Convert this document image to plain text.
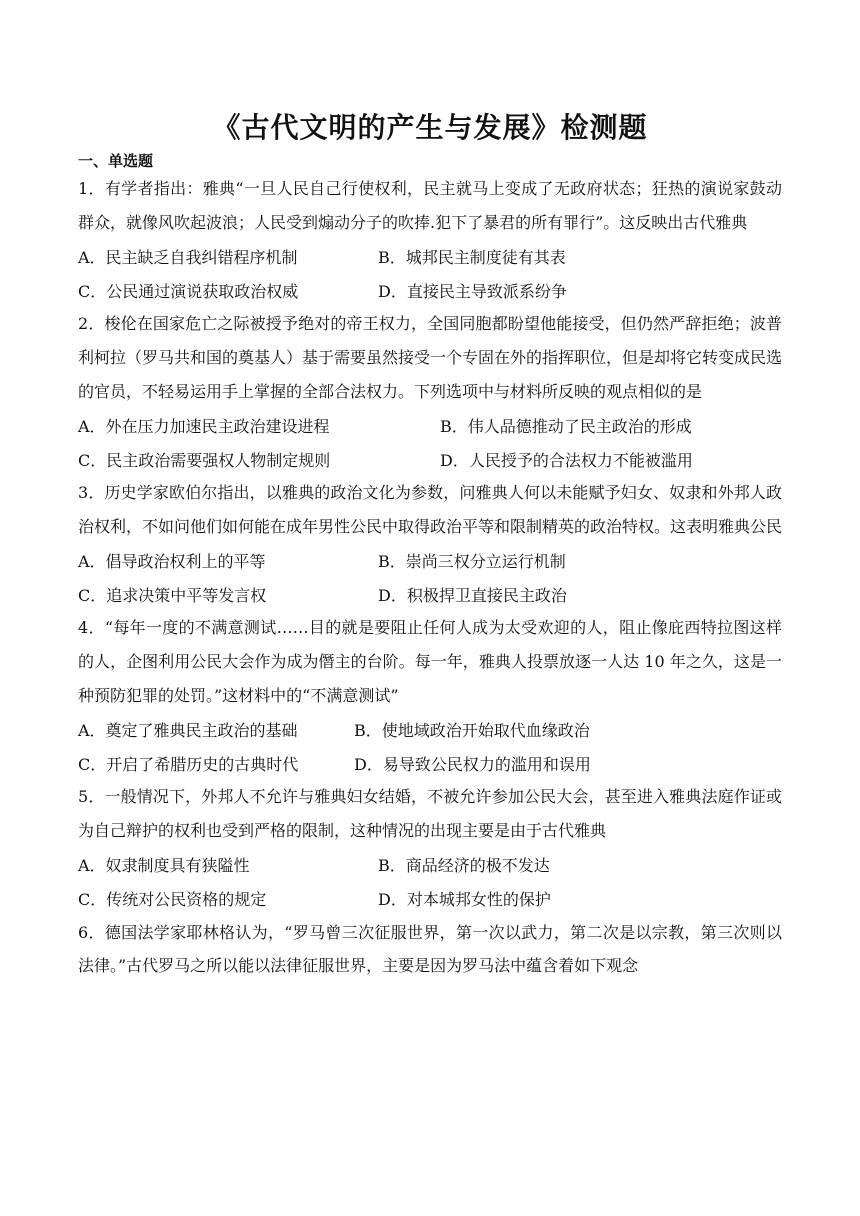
《古代文明的产生与发展》检测题
一、单选题

1．有学者指出：雅典“一旦人民自己行使权利，民主就马上变成了无政府状态；狂热的演说家鼓动群众，就像风吹起波浪；人民受到煽动分子的吹捧.犯下了暴君的所有罪行”。这反映出古代雅典

A．民主缺乏自我纠错程序机制	B．城邦民主制度徒有其表
C．公民通过演说获取政治权威	D．直接民主导致派系纷争

2．梭伦在国家危亡之际被授予绝对的帝王权力，全国同胞都盼望他能接受，但仍然严辞拒绝；波普利柯拉（罗马共和国的奠基人）基于需要虽然接受一个专固在外的指挥职位，但是却将它转变成民选的官员，不轻易运用手上掌握的全部合法权力。下列选项中与材料所反映的观点相似的是

A．外在压力加速民主政治建设进程	B．伟人品德推动了民主政治的形成
C．民主政治需要强权人物制定规则	D．人民授予的合法权力不能被滥用

3．历史学家欧伯尔指出，以雅典的政治文化为参数，问雅典人何以未能赋予妇女、奴隶和外邦人政治权利，不如问他们如何能在成年男性公民中取得政治平等和限制精英的政治特权。这表明雅典公民

A．倡导政治权利上的平等	B．崇尚三权分立运行机制
C．追求决策中平等发言权	D．积极捍卫直接民主政治

4．“每年一度的不满意测试……目的就是要阻止任何人成为太受欢迎的人，阻止像庇西特拉图这样的人，企图利用公民大会作为成为僭主的台阶。每一年，雅典人投票放逐一人达 10 年之久，这是一种预防犯罪的处罚。”这材料中的“不满意测试”

A．奠定了雅典民主政治的基础	B．使地域政治开始取代血缘政治
C．开启了希腊历史的古典时代	D．易导致公民权力的滥用和误用

5．一般情况下，外邦人不允许与雅典妇女结婚，不被允许参加公民大会，甚至进入雅典法庭作证或为自己辩护的权利也受到严格的限制，这种情况的出现主要是由于古代雅典

A．奴隶制度具有狭隘性	B．商品经济的极不发达
C．传统对公民资格的规定	D．对本城邦女性的保护

6．德国法学家耶林格认为，“罗马曾三次征服世界，第一次以武力，第二次是以宗教，第三次则以法律。”古代罗马之所以能以法律征服世界，主要是因为罗马法中蕴含着如下观念
